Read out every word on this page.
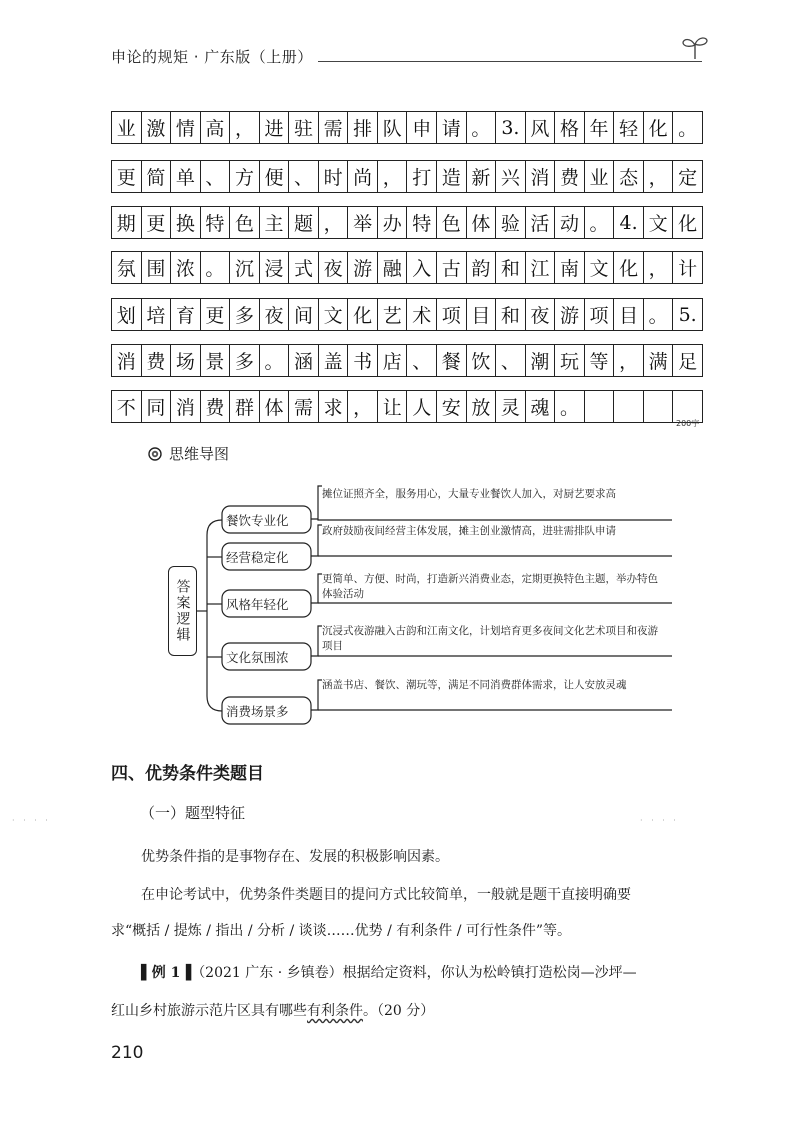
申论的规矩 · 广东版（上册）
业 激 情 高 ， 进 驻 需 排 队 申 请 。 3. 风 格 年 轻 化 。
更 简 单 、 方 便 、 时 尚 ， 打 造 新 兴 消 费 业 态 ， 定
期 更 换 特 色 主 题 ， 举 办 特 色 体 验 活 动 。 4. 文 化
氛 围 浓 。 沉 浸 式 夜 游 融 入 古 韵 和 江 南 文 化 ， 计
划 培 育 更 多 夜 间 文 化 艺 术 项 目 和 夜 游 项 目 。 5.
消 费 场 景 多 。 涵 盖 书 店 、 餐 饮 、 潮 玩 等 ， 满 足
不 同 消 费 群 体 需 求 ， 让 人 安 放 灵 魂 。
200字
思维导图
答案逻辑
餐饮专业化
经营稳定化
风格年轻化
文化氛围浓
消费场景多
摊位证照齐全，服务用心，大量专业餐饮人加入，对厨艺要求高
政府鼓励夜间经营主体发展，摊主创业激情高，进驻需排队申请
更简单、方便、时尚，打造新兴消费业态，定期更换特色主题，举办特色体验活动
沉浸式夜游融入古韵和江南文化，计划培育更多夜间文化艺术项目和夜游项目
涵盖书店、餐饮、潮玩等，满足不同消费群体需求，让人安放灵魂
四、优势条件类题目
（一）题型特征
· · · ·	· · · ·
优势条件指的是事物存在、发展的积极影响因素。
在申论考试中，优势条件类题目的提问方式比较简单，一般就是题干直接明确要
求“概括 / 提炼 / 指出 / 分析 / 谈谈……优势 / 有利条件 / 可行性条件”等。
▌例 1▐（2021 广东 · 乡镇卷）根据给定资料，你认为松岭镇打造松岗—沙坪—
红山乡村旅游示范片区具有哪些有利条件。（20 分）
210
